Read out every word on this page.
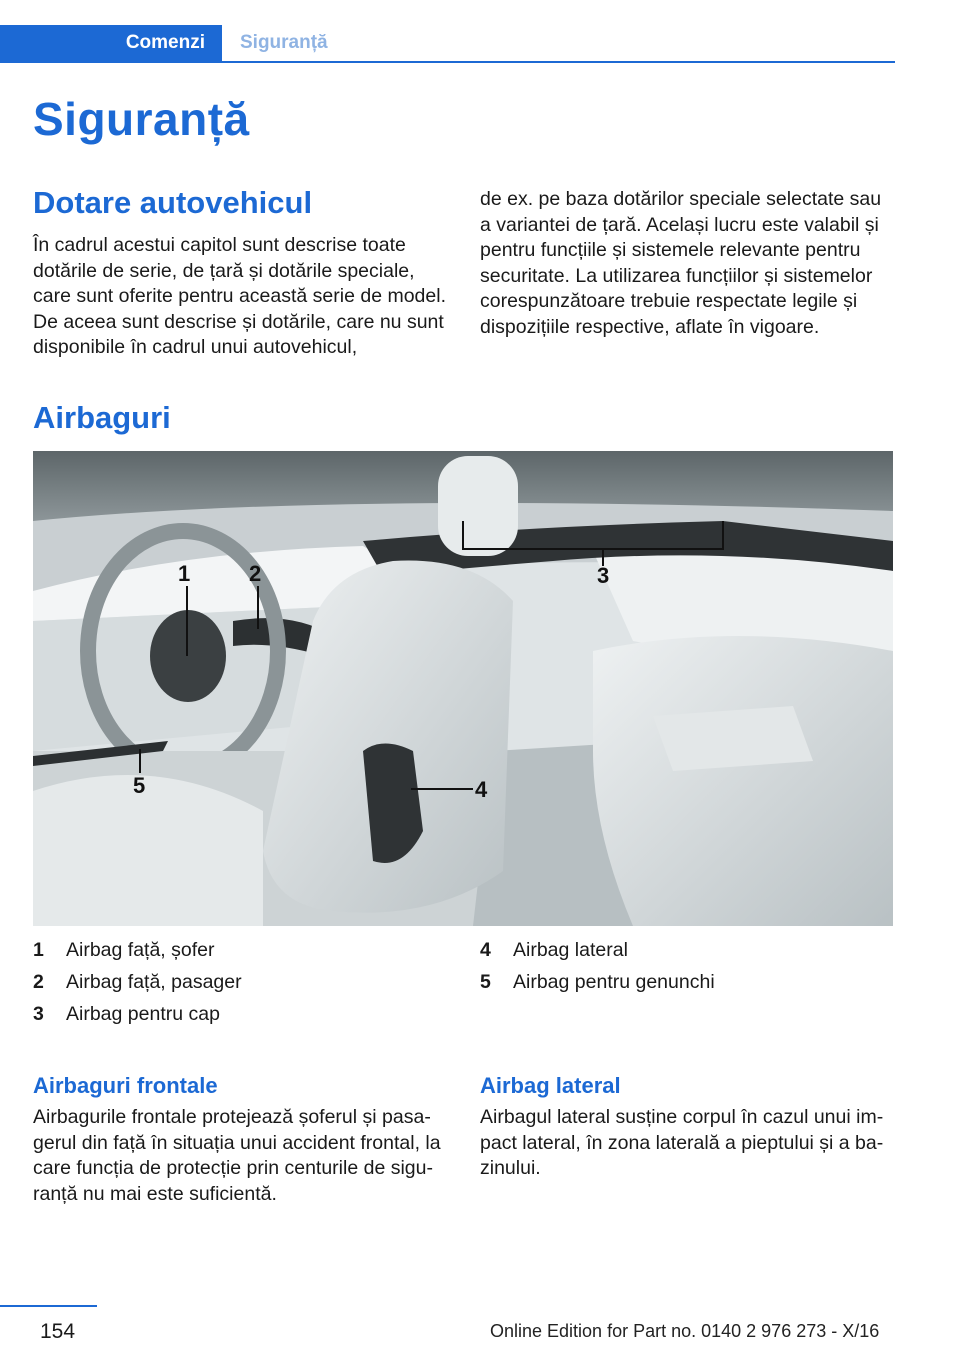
Comenzi Siguranță
Siguranță
Dotare autovehicul

În cadrul acestui capitol sunt descrise toate dotările de serie, de țară și dotările speciale, care sunt oferite pentru această serie de model. De aceea sunt descrise și dotările, care nu sunt disponibile în cadrul unui autovehicul,

de ex. pe baza dotărilor speciale selectate sau a variantei de țară. Același lucru este valabil și pentru funcțiile și sistemele relevante pentru securitate. La utilizarea funcțiilor și sistemelor corespunzătoare trebuie respectate legile și dispozițiile respective, aflate în vigoare.

Airbaguri
1	2	3
4
5
1 Airbag față, șofer
2 Airbag față, pasager
3 Airbag pentru cap
4 Airbag lateral
5 Airbag pentru genunchi
Airbaguri frontale

Airbagurile frontale protejează șoferul și pasagerul din față în situația unui accident frontal, la care funcția de protecție prin centurile de siguranță nu mai este suficientă.

Airbag lateral

Airbagul lateral susține corpul în cazul unui impact lateral, în zona laterală a pieptului și a bazinului.

154	Online Edition for Part no. 0140 2 976 273 - X/16
